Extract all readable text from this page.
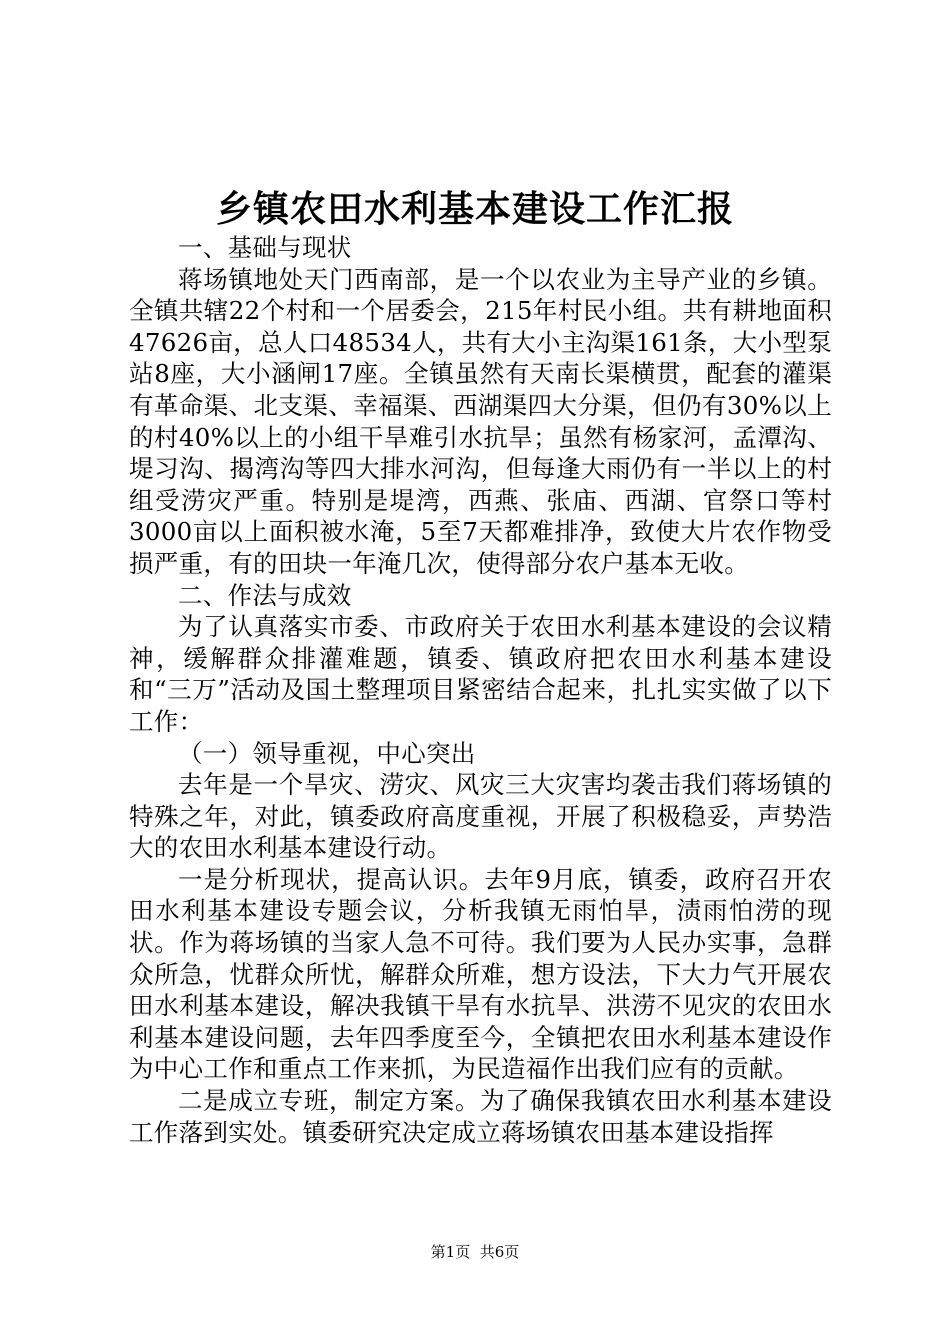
乡镇农田水利基本建设工作汇报

一、基础与现状

蒋场镇地处天门西南部，是一个以农业为主导产业的乡镇。全镇共辖22个村和一个居委会，215年村民小组。共有耕地面积47626亩，总人口48534人，共有大小主沟渠161条，大小型泵站8座，大小涵闸17座。全镇虽然有天南长渠横贯，配套的灌渠有革命渠、北支渠、幸福渠、西湖渠四大分渠，但仍有30%以上的村40%以上的小组干旱难引水抗旱；虽然有杨家河，孟潭沟、堤习沟、揭湾沟等四大排水河沟，但每逢大雨仍有一半以上的村组受涝灾严重。特别是堤湾，西燕、张庙、西湖、官祭口等村3000亩以上面积被水淹，5至7天都难排净，致使大片农作物受损严重，有的田块一年淹几次，使得部分农户基本无收。

二、作法与成效

为了认真落实市委、市政府关于农田水利基本建设的会议精神，缓解群众排灌难题，镇委、镇政府把农田水利基本建设和“三万”活动及国土整理项目紧密结合起来，扎扎实实做了以下工作：

（一）领导重视，中心突出

去年是一个旱灾、涝灾、风灾三大灾害均袭击我们蒋场镇的特殊之年，对此，镇委政府高度重视，开展了积极稳妥，声势浩大的农田水利基本建设行动。

一是分析现状，提高认识。去年9月底，镇委，政府召开农田水利基本建设专题会议，分析我镇无雨怕旱，渍雨怕涝的现状。作为蒋场镇的当家人急不可待。我们要为人民办实事，急群众所急，忧群众所忧，解群众所难，想方设法，下大力气开展农田水利基本建设，解决我镇干旱有水抗旱、洪涝不见灾的农田水利基本建设问题，去年四季度至今，全镇把农田水利基本建设作为中心工作和重点工作来抓，为民造福作出我们应有的贡献。

二是成立专班，制定方案。为了确保我镇农田水利基本建设工作落到实处。镇委研究决定成立蒋场镇农田基本建设指挥

第1页 共6页
